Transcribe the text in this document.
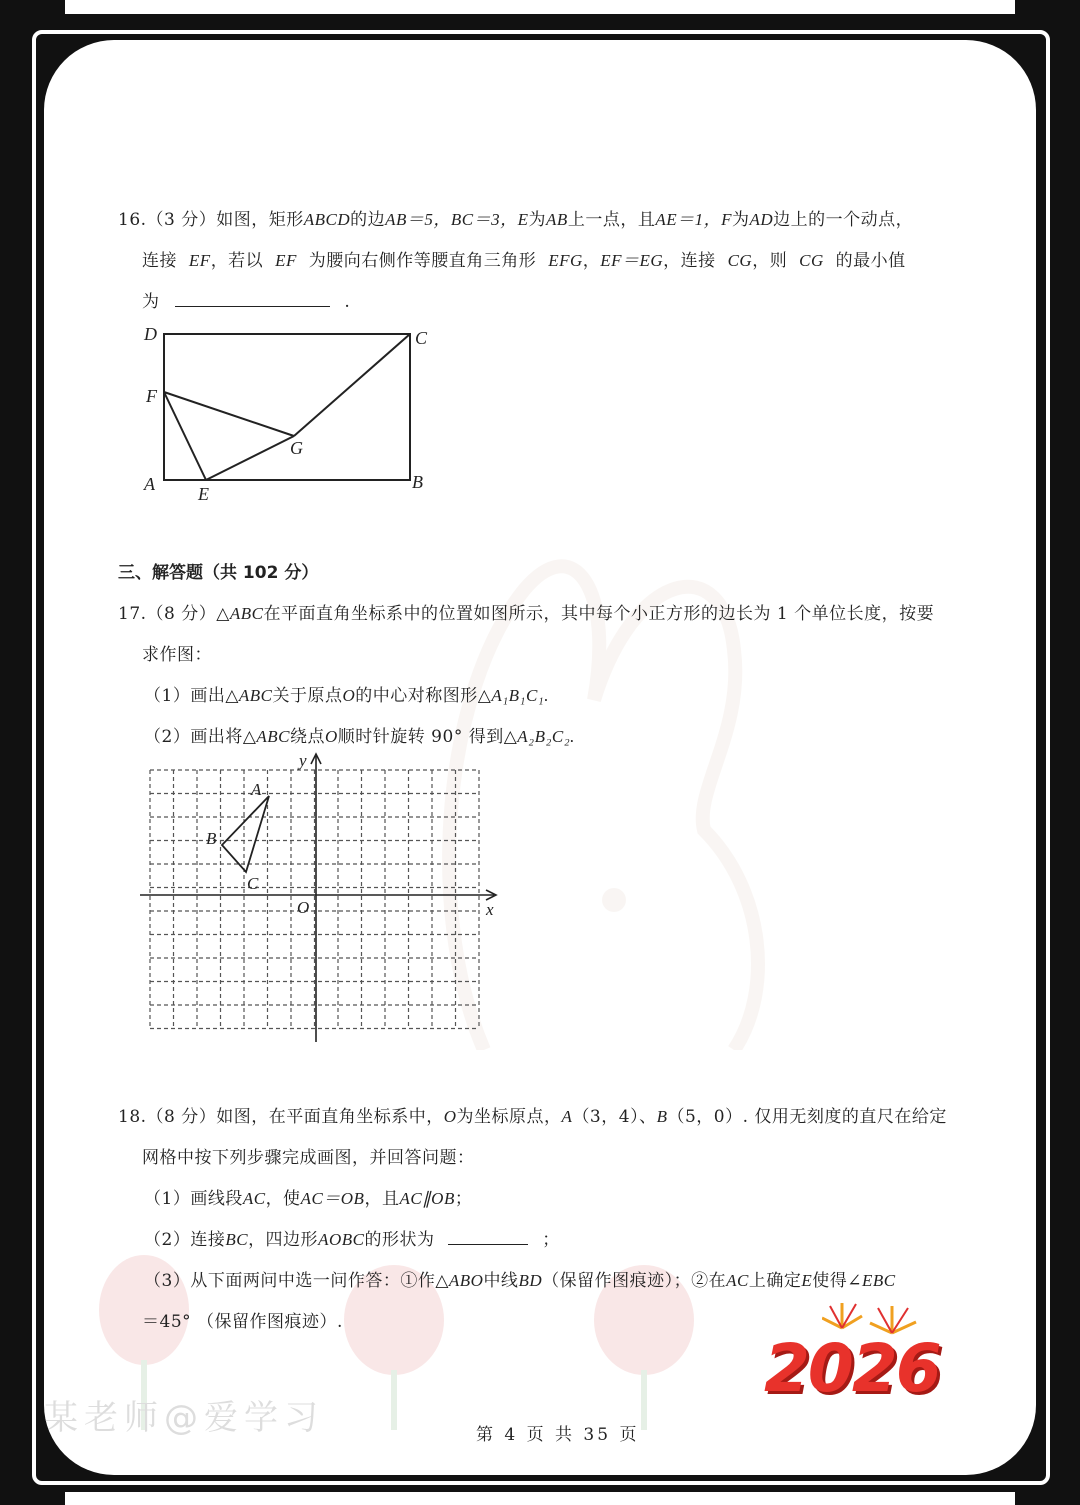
某老师@爱学习
16.（3 分）如图，矩形ABCD的边AB＝5，BC＝3，E为AB上一点，且AE＝1，F为AD边上的一个动点，
连接 EF，若以 EF 为腰向右侧作等腰直角三角形 EFG，EF＝EG，连接 CG，则 CG 的最小值
为	.
D	C
F
G
A E
B
三、解答题（共 102 分）
17.（8 分）△ABC在平面直角坐标系中的位置如图所示，其中每个小正方形的边长为 1 个单位长度，按要
求作图：
（1）画出△ABC关于原点O的中心对称图形△A₁B₁C₁.
（2）画出将△ABC绕点O顺时针旋转 90° 得到△A₂B₂C₂.
y
x
O
A
B
C
18.（8 分）如图，在平面直角坐标系中，O为坐标原点，A（3，4）、B（5，0）. 仅用无刻度的直尺在给定
网格中按下列步骤完成画图，并回答问题：
（1）画线段AC，使AC＝OB，且AC∥OB；
（2）连接BC，四边形AOBC的形状为	；
（3）从下面两问中选一问作答：①作△ABO中线BD（保留作图痕迹）；②在AC上确定E使得∠EBC
＝45° （保留作图痕迹）.
第 4 页 共 35 页
2026
